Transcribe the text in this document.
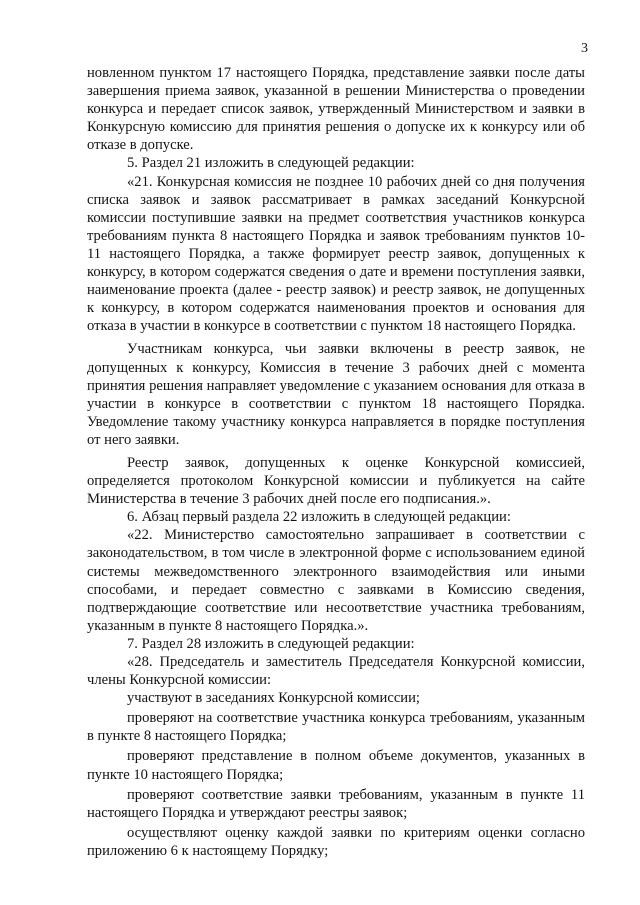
3

новленном пунктом 17 настоящего Порядка, представление заявки после даты завершения приема заявок, указанной в решении Министерства о проведении конкурса и передает список заявок, утвержденный Министерством и заявки в Конкурсную комиссию для принятия решения о допуске их к конкурсу или об отказе в допуске.

5. Раздел 21 изложить в следующей редакции:

«21. Конкурсная комиссия не позднее 10 рабочих дней со дня получения списка заявок и заявок рассматривает в рамках заседаний Конкурсной комиссии поступившие заявки на предмет соответствия участников конкурса требованиям пункта 8 настоящего Порядка и заявок требованиям пунктов 10-11 настоящего Порядка, а также формирует реестр заявок, допущенных к конкурсу, в котором содержатся сведения о дате и времени поступления заявки, наименование проекта (далее - реестр заявок) и реестр заявок, не допущенных к конкурсу, в котором содержатся наименования проектов и основания для отказа в участии в конкурсе в соответствии с пунктом 18 настоящего Порядка.

Участникам конкурса, чьи заявки включены в реестр заявок, не допущенных к конкурсу, Комиссия в течение 3 рабочих дней с момента принятия решения направляет уведомление с указанием основания для отказа в участии в конкурсе в соответствии с пунктом 18 настоящего Порядка. Уведомление такому участнику конкурса направляется в порядке поступления от него заявки.

Реестр заявок, допущенных к оценке Конкурсной комиссией, определяется протоколом Конкурсной комиссии и публикуется на сайте Министерства в течение 3 рабочих дней после его подписания.».

6. Абзац первый раздела 22 изложить в следующей редакции:

«22. Министерство самостоятельно запрашивает в соответствии с законодательством, в том числе в электронной форме с использованием единой системы межведомственного электронного взаимодействия или иными способами, и передает совместно с заявками в Комиссию сведения, подтверждающие соответствие или несоответствие участника требованиям, указанным в пункте 8 настоящего Порядка.».

7. Раздел 28 изложить в следующей редакции:

«28. Председатель и заместитель Председателя Конкурсной комиссии, члены Конкурсной комиссии:

участвуют в заседаниях Конкурсной комиссии;

проверяют на соответствие участника конкурса требованиям, указанным в пункте 8 настоящего Порядка;

проверяют представление в полном объеме документов, указанных в пункте 10 настоящего Порядка;

проверяют соответствие заявки требованиям, указанным в пункте 11 настоящего Порядка и утверждают реестры заявок;

осуществляют оценку каждой заявки по критериям оценки согласно приложению 6 к настоящему Порядку;
